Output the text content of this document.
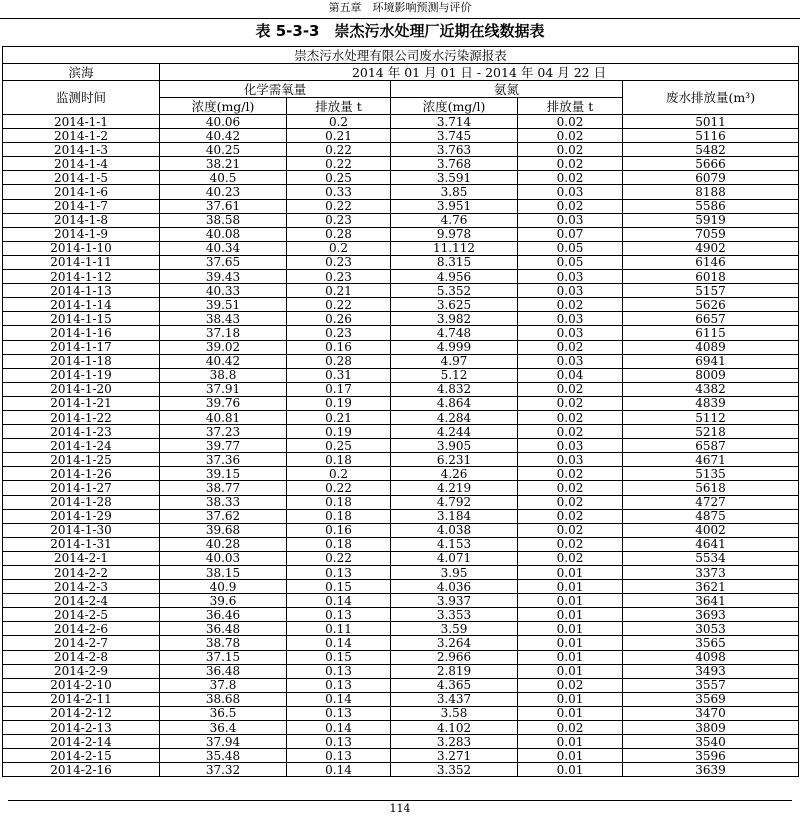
第五章　环境影响预测与评价
表 5-3-3　崇杰污水处理厂近期在线数据表
崇杰污水处理有限公司废水污染源报表					
滨海	2014 年 01 月 01 日 - 2014 年 04 月 22 日				
监测时间	化学需氧量		氨氮		废水排放量(m³)
	浓度(mg/l)	排放量 t	浓度(mg/l)	排放量 t	
2014-1-1	40.06	0.2	3.714	0.02	5011
2014-1-2	40.42	0.21	3.745	0.02	5116
2014-1-3	40.25	0.22	3.763	0.02	5482
2014-1-4	38.21	0.22	3.768	0.02	5666
2014-1-5	40.5	0.25	3.591	0.02	6079
2014-1-6	40.23	0.33	3.85	0.03	8188
2014-1-7	37.61	0.22	3.951	0.02	5586
2014-1-8	38.58	0.23	4.76	0.03	5919
2014-1-9	40.08	0.28	9.978	0.07	7059
2014-1-10	40.34	0.2	11.112	0.05	4902
2014-1-11	37.65	0.23	8.315	0.05	6146
2014-1-12	39.43	0.23	4.956	0.03	6018
2014-1-13	40.33	0.21	5.352	0.03	5157
2014-1-14	39.51	0.22	3.625	0.02	5626
2014-1-15	38.43	0.26	3.982	0.03	6657
2014-1-16	37.18	0.23	4.748	0.03	6115
2014-1-17	39.02	0.16	4.999	0.02	4089
2014-1-18	40.42	0.28	4.97	0.03	6941
2014-1-19	38.8	0.31	5.12	0.04	8009
2014-1-20	37.91	0.17	4.832	0.02	4382
2014-1-21	39.76	0.19	4.864	0.02	4839
2014-1-22	40.81	0.21	4.284	0.02	5112
2014-1-23	37.23	0.19	4.244	0.02	5218
2014-1-24	39.77	0.25	3.905	0.03	6587
2014-1-25	37.36	0.18	6.231	0.03	4671
2014-1-26	39.15	0.2	4.26	0.02	5135
2014-1-27	38.77	0.22	4.219	0.02	5618
2014-1-28	38.33	0.18	4.792	0.02	4727
2014-1-29	37.62	0.18	3.184	0.02	4875
2014-1-30	39.68	0.16	4.038	0.02	4002
2014-1-31	40.28	0.18	4.153	0.02	4641
2014-2-1	40.03	0.22	4.071	0.02	5534
2014-2-2	38.15	0.13	3.95	0.01	3373
2014-2-3	40.9	0.15	4.036	0.01	3621
2014-2-4	39.6	0.14	3.937	0.01	3641
2014-2-5	36.46	0.13	3.353	0.01	3693
2014-2-6	36.48	0.11	3.59	0.01	3053
2014-2-7	38.78	0.14	3.264	0.01	3565
2014-2-8	37.15	0.15	2.966	0.01	4098
2014-2-9	36.48	0.13	2.819	0.01	3493
2014-2-10	37.8	0.13	4.365	0.02	3557
2014-2-11	38.68	0.14	3.437	0.01	3569
2014-2-12	36.5	0.13	3.58	0.01	3470
2014-2-13	36.4	0.14	4.102	0.02	3809
2014-2-14	37.94	0.13	3.283	0.01	3540
2014-2-15	35.48	0.13	3.271	0.01	3596
2014-2-16	37.32	0.14	3.352	0.01	3639
114
